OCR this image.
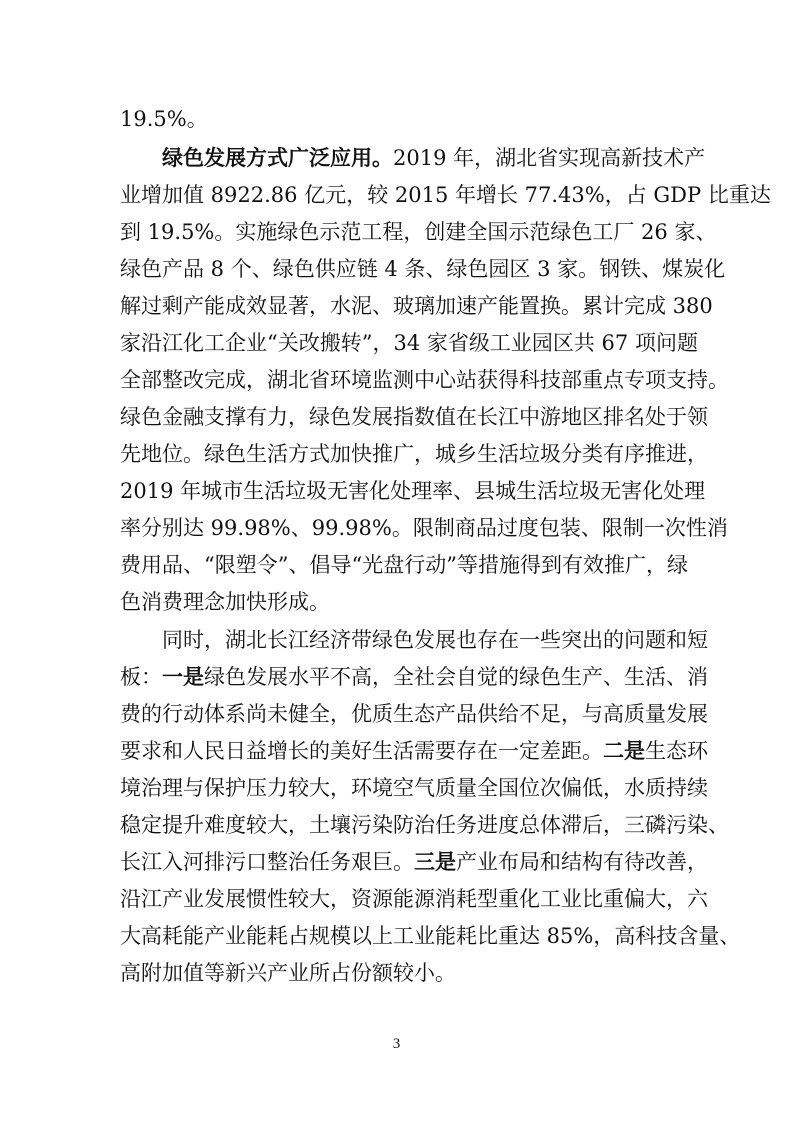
19.5%。
绿色发展方式广泛应用。2019 年，湖北省实现高新技术产
业增加值 8922.86 亿元，较 2015 年增长 77.43%，占 GDP 比重达
到 19.5%。实施绿色示范工程，创建全国示范绿色工厂 26 家、
绿色产品 8 个、绿色供应链 4 条、绿色园区 3 家。钢铁、煤炭化
解过剩产能成效显著，水泥、玻璃加速产能置换。累计完成 380
家沿江化工企业“关改搬转”，34 家省级工业园区共 67 项问题
全部整改完成，湖北省环境监测中心站获得科技部重点专项支持。
绿色金融支撑有力，绿色发展指数值在长江中游地区排名处于领
先地位。绿色生活方式加快推广，城乡生活垃圾分类有序推进，
2019 年城市生活垃圾无害化处理率、县城生活垃圾无害化处理
率分别达 99.98%、99.98%。限制商品过度包装、限制一次性消
费用品、“限塑令”、倡导“光盘行动”等措施得到有效推广，绿
色消费理念加快形成。
同时，湖北长江经济带绿色发展也存在一些突出的问题和短
板：一是绿色发展水平不高，全社会自觉的绿色生产、生活、消
费的行动体系尚未健全，优质生态产品供给不足，与高质量发展
要求和人民日益增长的美好生活需要存在一定差距。二是生态环
境治理与保护压力较大，环境空气质量全国位次偏低，水质持续
稳定提升难度较大，土壤污染防治任务进度总体滞后，三磷污染、
长江入河排污口整治任务艰巨。三是产业布局和结构有待改善，
沿江产业发展惯性较大，资源能源消耗型重化工业比重偏大，六
大高耗能产业能耗占规模以上工业能耗比重达 85%，高科技含量、
高附加值等新兴产业所占份额较小。
3
